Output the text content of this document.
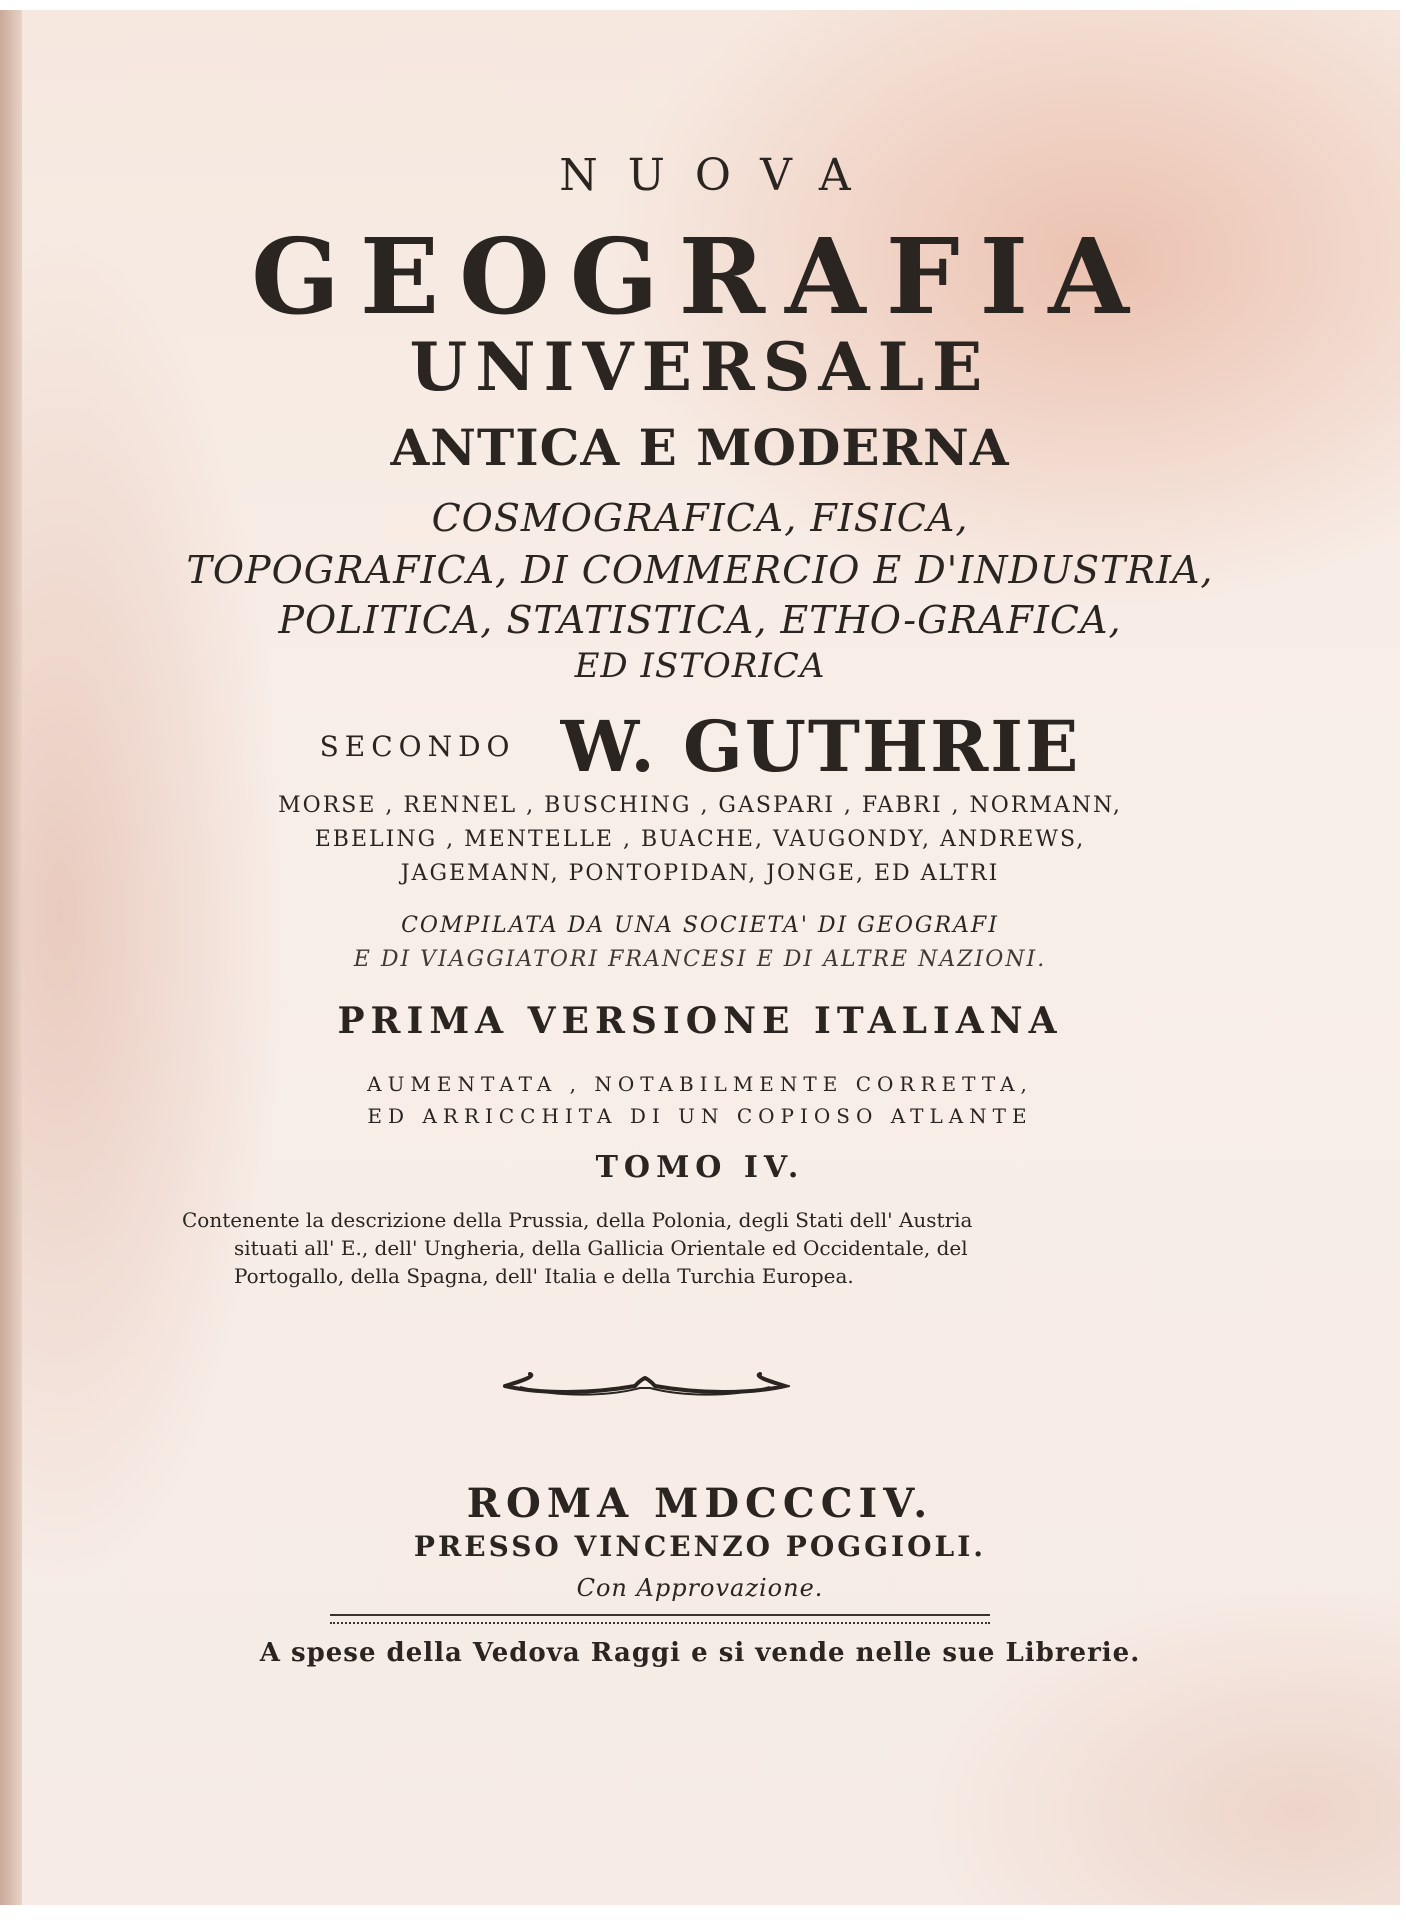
NUOVA
GEOGRAFIA
UNIVERSALE
ANTICA E MODERNA
COSMOGRAFICA, FISICA,
TOPOGRAFICA, DI COMMERCIO E D'INDUSTRIA,
POLITICA, STATISTICA, ETHO-GRAFICA,
ED ISTORICA
SECONDO W. GUTHRIE
MORSE , RENNEL , BUSCHING , GASPARI , FABRI , NORMANN,
EBELING , MENTELLE , BUACHE, VAUGONDY, ANDREWS,
JAGEMANN, PONTOPIDAN, JONGE, ED ALTRI
COMPILATA DA UNA SOCIETA' DI GEOGRAFI
E DI VIAGGIATORI FRANCESI E DI ALTRE NAZIONI.
PRIMA VERSIONE ITALIANA
AUMENTATA , NOTABILMENTE CORRETTA,
ED ARRICCHITA DI UN COPIOSO ATLANTE
TOMO IV.
Contenente la descrizione della Prussia, della Polonia, degli Stati dell' Austria
situati all' E., dell' Ungheria, della Gallicia Orientale ed Occidentale, del
Portogallo, della Spagna, dell' Italia e della Turchia Europea.
ROMA MDCCCIV.
PRESSO VINCENZO POGGIOLI.
Con Approvazione.
A spese della Vedova Raggi e si vende nelle sue Librerie.
